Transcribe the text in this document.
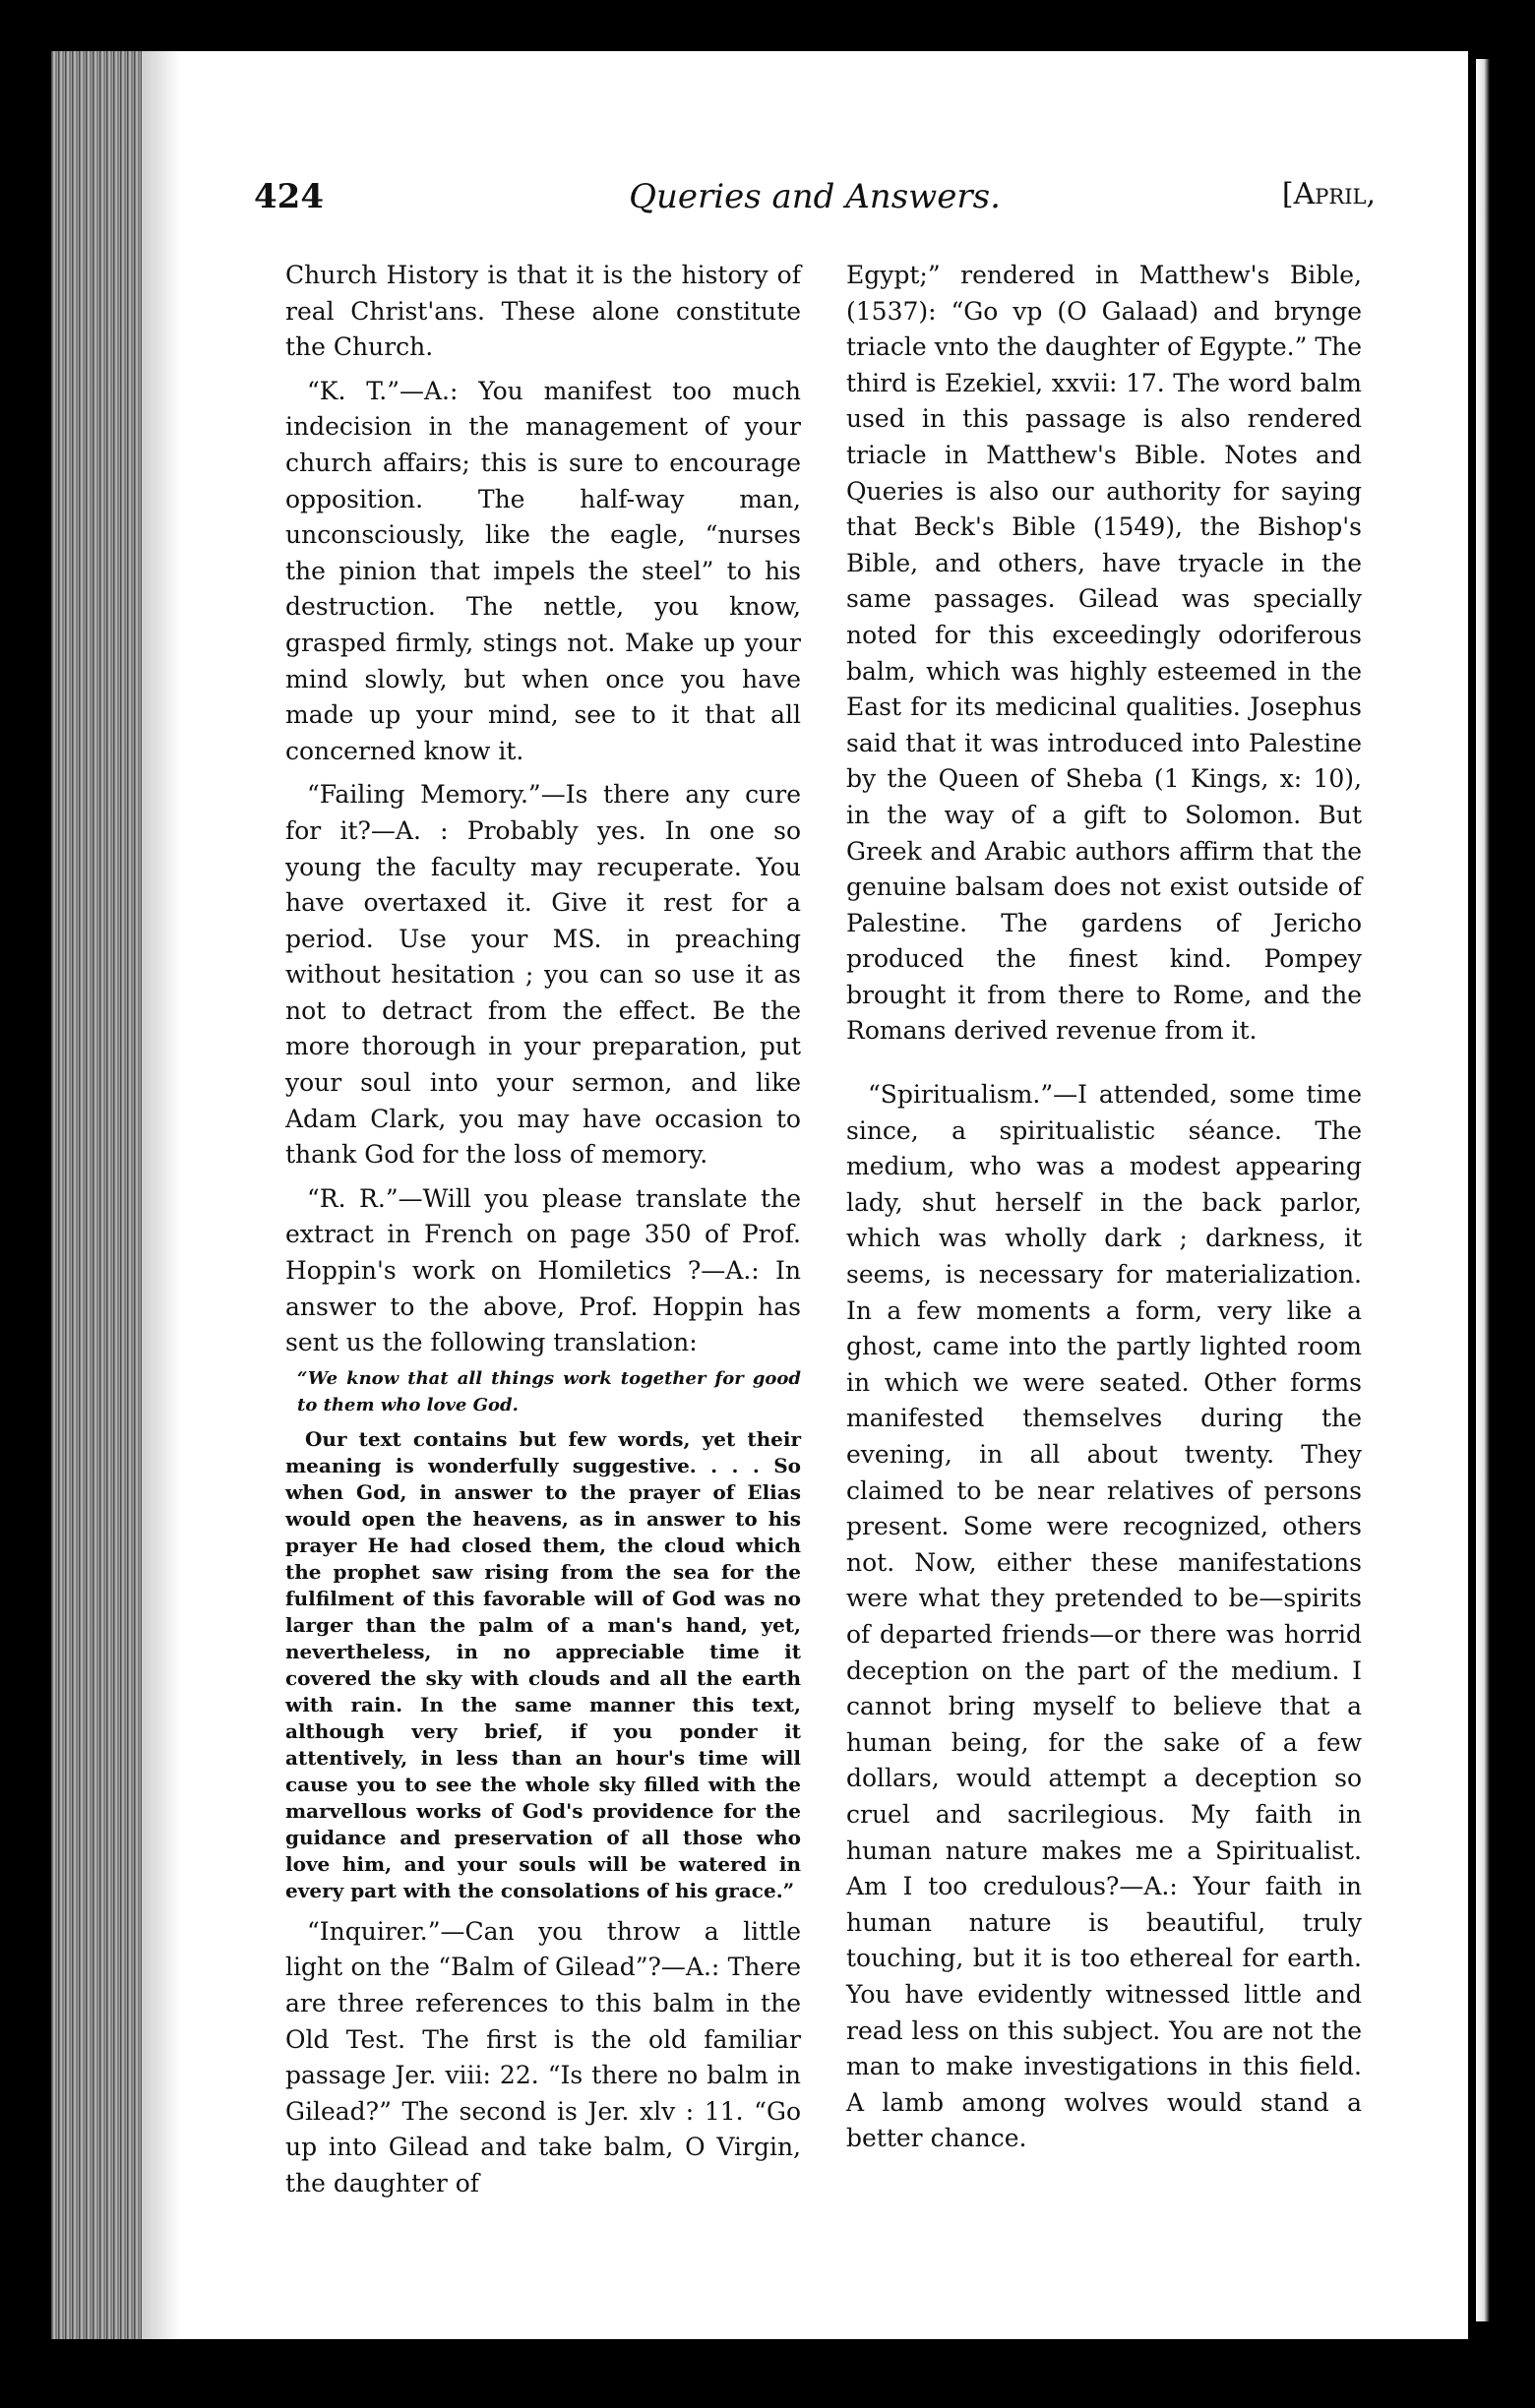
424	Queries and Answers.	[April,

Church History is that it is the history of real Christ'ans. These alone constitute the Church.

“K. T.”—A.: You manifest too much indecision in the management of your church affairs; this is sure to encourage opposition. The half-way man, unconsciously, like the eagle, “nurses the pinion that impels the steel” to his destruction. The nettle, you know, grasped firmly, stings not. Make up your mind slowly, but when once you have made up your mind, see to it that all concerned know it.

“Failing Memory.”—Is there any cure for it?—A. : Probably yes. In one so young the faculty may recuperate. You have overtaxed it. Give it rest for a period. Use your MS. in preaching without hesitation ; you can so use it as not to detract from the effect. Be the more thorough in your preparation, put your soul into your sermon, and like Adam Clark, you may have occasion to thank God for the loss of memory.

“R. R.”—Will you please translate the extract in French on page 350 of Prof. Hoppin's work on Homiletics ?—A.: In answer to the above, Prof. Hoppin has sent us the following translation:

“We know that all things work together for good to them who love God.

Our text contains but few words, yet their meaning is wonderfully suggestive. . . . So when God, in answer to the prayer of Elias would open the heavens, as in answer to his prayer He had closed them, the cloud which the prophet saw rising from the sea for the fulfilment of this favorable will of God was no larger than the palm of a man's hand, yet, nevertheless, in no appreciable time it covered the sky with clouds and all the earth with rain. In the same manner this text, although very brief, if you ponder it attentively, in less than an hour's time will cause you to see the whole sky filled with the marvellous works of God's providence for the guidance and preservation of all those who love him, and your souls will be watered in every part with the consolations of his grace.”

“Inquirer.”—Can you throw a little light on the “Balm of Gilead”?—A.: There are three references to this balm in the Old Test. The first is the old familiar passage Jer. viii: 22. “Is there no balm in Gilead?” The second is Jer. xlv : 11. “Go up into Gilead and take balm, O Virgin, the daughter of

Egypt;” rendered in Matthew's Bible, (1537): “Go vp (O Galaad) and brynge triacle vnto the daughter of Egypte.” The third is Ezekiel, xxvii: 17. The word balm used in this passage is also rendered triacle in Matthew's Bible. Notes and Queries is also our authority for saying that Beck's Bible (1549), the Bishop's Bible, and others, have tryacle in the same passages. Gilead was specially noted for this exceedingly odoriferous balm, which was highly esteemed in the East for its medicinal qualities. Josephus said that it was introduced into Palestine by the Queen of Sheba (1 Kings, x: 10), in the way of a gift to Solomon. But Greek and Arabic authors affirm that the genuine balsam does not exist outside of Palestine. The gardens of Jericho produced the finest kind. Pompey brought it from there to Rome, and the Romans derived revenue from it.

“Spiritualism.”—I attended, some time since, a spiritualistic séance. The medium, who was a modest appearing lady, shut herself in the back parlor, which was wholly dark ; darkness, it seems, is necessary for materialization. In a few moments a form, very like a ghost, came into the partly lighted room in which we were seated. Other forms manifested themselves during the evening, in all about twenty. They claimed to be near relatives of persons present. Some were recognized, others not. Now, either these manifestations were what they pretended to be—spirits of departed friends—or there was horrid deception on the part of the medium. I cannot bring myself to believe that a human being, for the sake of a few dollars, would attempt a deception so cruel and sacrilegious. My faith in human nature makes me a Spiritualist. Am I too credulous?—A.: Your faith in human nature is beautiful, truly touching, but it is too ethereal for earth. You have evidently witnessed little and read less on this subject. You are not the man to make investigations in this field. A lamb among wolves would stand a better chance.
